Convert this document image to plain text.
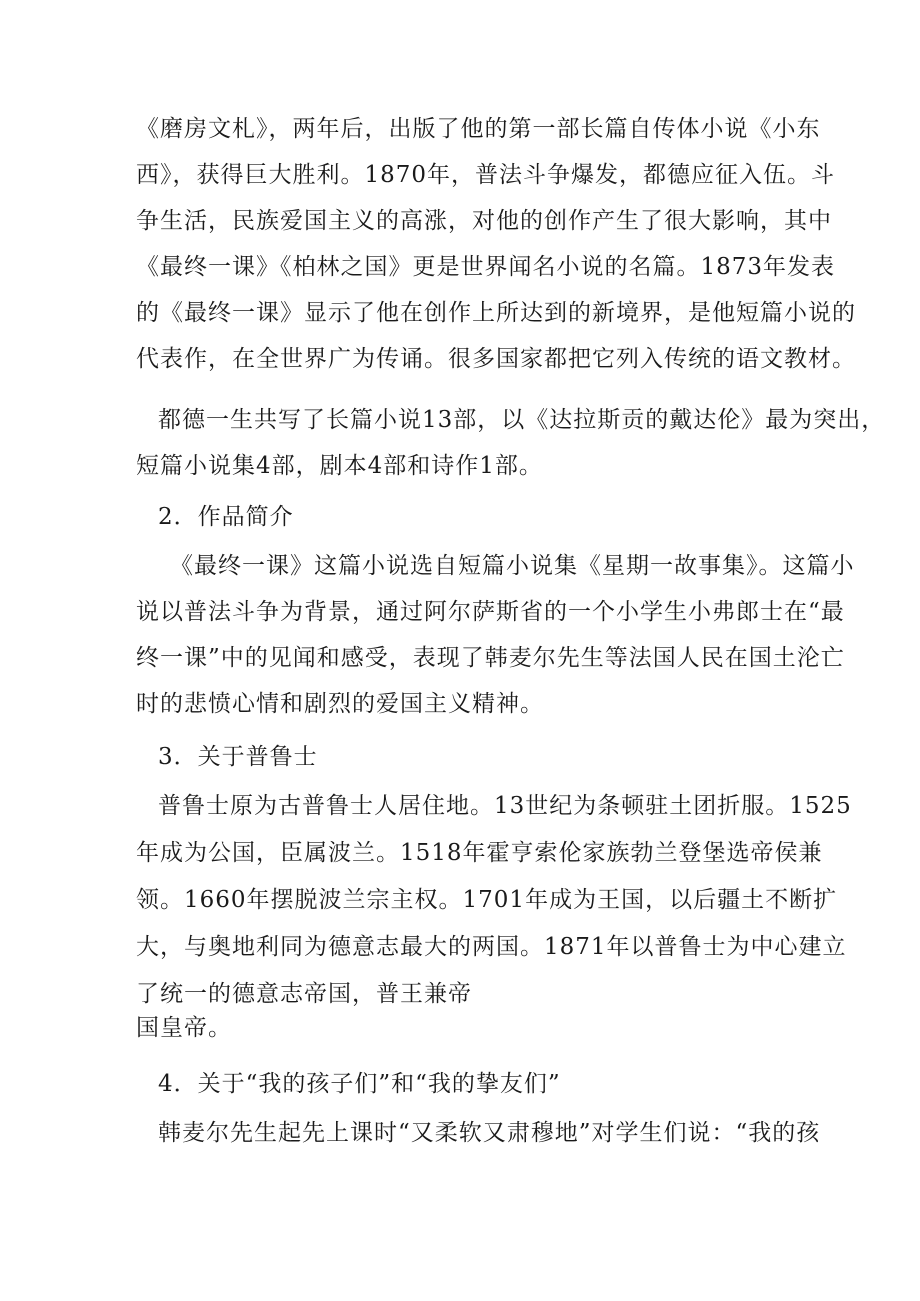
《磨房文札》，两年后，出版了他的第一部长篇自传体小说《小东
西》，获得巨大胜利。1870年，普法斗争爆发，都德应征入伍。斗
争生活，民族爱国主义的高涨，对他的创作产生了很大影响，其中
《最终一课》《柏林之国》更是世界闻名小说的名篇。1873年发表
的《最终一课》显示了他在创作上所达到的新境界，是他短篇小说的
代表作，在全世界广为传诵。很多国家都把它列入传统的语文教材。
都德一生共写了长篇小说13部，以《达拉斯贡的戴达伦》最为突出，
短篇小说集4部，剧本4部和诗作1部。
2．作品简介
《最终一课》这篇小说选自短篇小说集《星期一故事集》。这篇小
说以普法斗争为背景，通过阿尔萨斯省的一个小学生小弗郎士在“最
终一课”中的见闻和感受，表现了韩麦尔先生等法国人民在国土沦亡
时的悲愤心情和剧烈的爱国主义精神。
3．关于普鲁士
普鲁士原为古普鲁士人居住地。13世纪为条顿驻土团折服。1525
年成为公国，臣属波兰。1518年霍亨索伦家族勃兰登堡选帝侯兼
领。1660年摆脱波兰宗主权。1701年成为王国，以后疆土不断扩
大，与奥地利同为德意志最大的两国。1871年以普鲁士为中心建立
了统一的德意志帝国，普王兼帝
国皇帝。
4．关于“我的孩子们”和“我的挚友们”
韩麦尔先生起先上课时“又柔软又肃穆地”对学生们说：“我的孩
